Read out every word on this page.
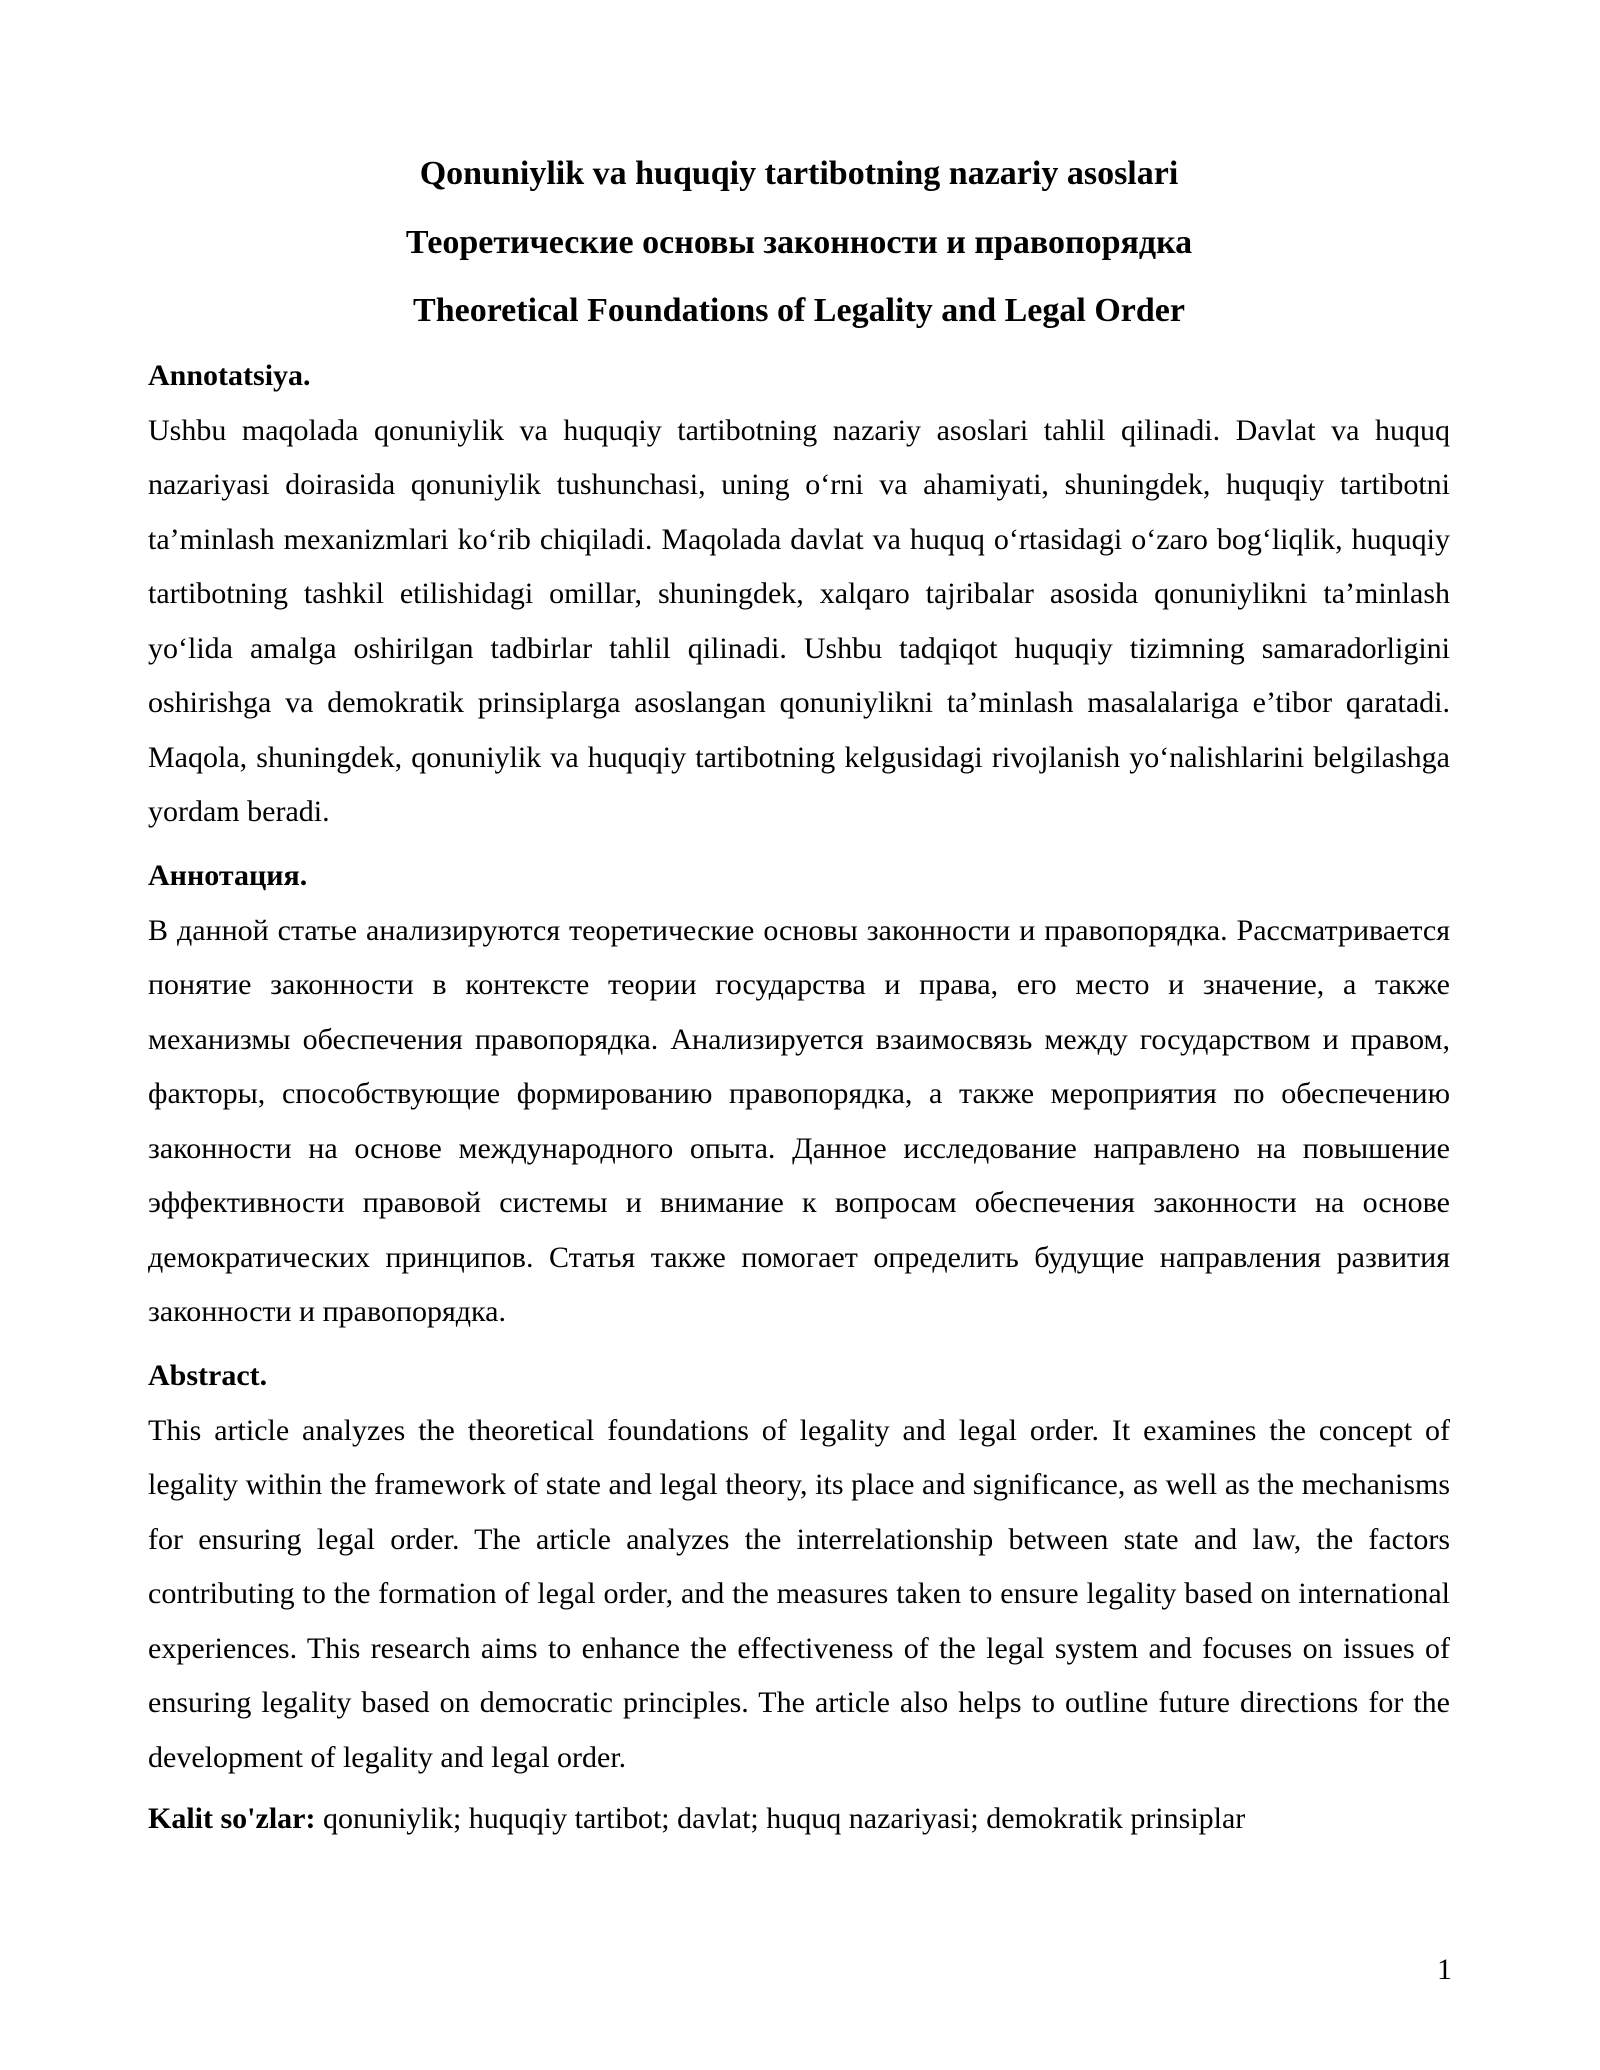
Qonuniylik va huquqiy tartibotning nazariy asoslari
Теоретические основы законности и правопорядка
Theoretical Foundations of Legality and Legal Order
Annotatsiya.

Ushbu maqolada qonuniylik va huquqiy tartibotning nazariy asoslari tahlil qilinadi. Davlat va huquq nazariyasi doirasida qonuniylik tushunchasi, uning o‘rni va ahamiyati, shuningdek, huquqiy tartibotni ta’minlash mexanizmlari ko‘rib chiqiladi. Maqolada davlat va huquq o‘rtasidagi o‘zaro bog‘liqlik, huquqiy tartibotning tashkil etilishidagi omillar, shuningdek, xalqaro tajribalar asosida qonuniylikni ta’minlash yo‘lida amalga oshirilgan tadbirlar tahlil qilinadi. Ushbu tadqiqot huquqiy tizimning samaradorligini oshirishga va demokratik prinsiplarga asoslangan qonuniylikni ta’minlash masalalariga e’tibor qaratadi. Maqola, shuningdek, qonuniylik va huquqiy tartibotning kelgusidagi rivojlanish yo‘nalishlarini belgilashga yordam beradi.

Аннотация.

В данной статье анализируются теоретические основы законности и правопорядка. Рассматривается понятие законности в контексте теории государства и права, его место и значение, а также механизмы обеспечения правопорядка. Анализируется взаимосвязь между государством и правом, факторы, способствующие формированию правопорядка, а также мероприятия по обеспечению законности на основе международного опыта. Данное исследование направлено на повышение эффективности правовой системы и внимание к вопросам обеспечения законности на основе демократических принципов. Статья также помогает определить будущие направления развития законности и правопорядка.

Abstract.

This article analyzes the theoretical foundations of legality and legal order. It examines the concept of legality within the framework of state and legal theory, its place and significance, as well as the mechanisms for ensuring legal order. The article analyzes the interrelationship between state and law, the factors contributing to the formation of legal order, and the measures taken to ensure legality based on international experiences. This research aims to enhance the effectiveness of the legal system and focuses on issues of ensuring legality based on democratic principles. The article also helps to outline future directions for the development of legality and legal order.

Kalit so'zlar: qonuniylik; huquqiy tartibot; davlat; huquq nazariyasi; demokratik prinsiplar

1
